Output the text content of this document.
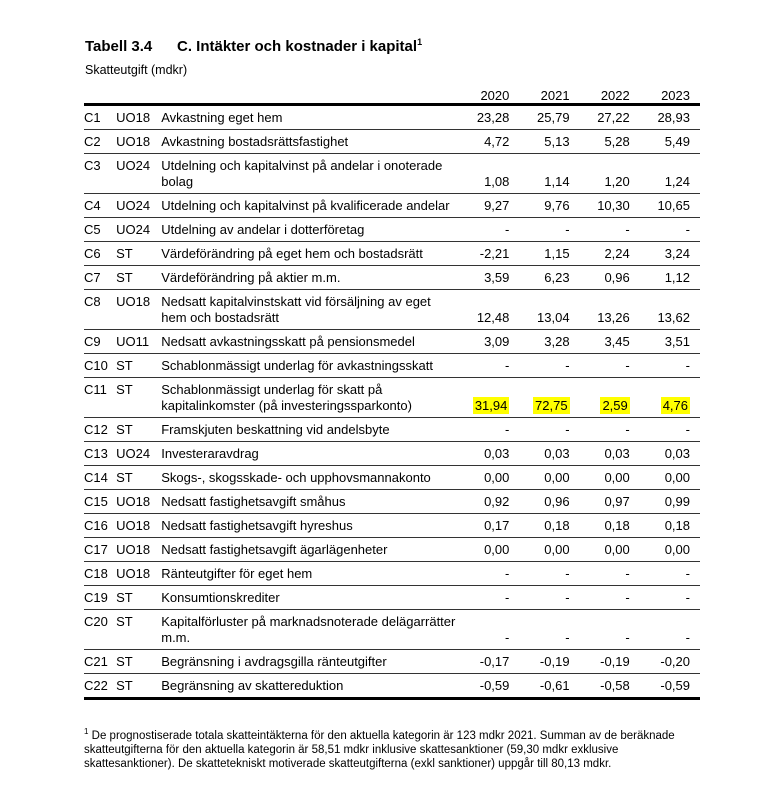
Tabell 3.4 C. Intäkter och kostnader i kapital$^1$
Skatteutgift (mdkr)
			2020	2021	2022	2023
C1	UO18	Avkastning eget hem	23,28	25,79	27,22	28,93
C2	UO18	Avkastning bostadsrättsfastighet	4,72	5,13	5,28	5,49
C3	UO24	Utdelning och kapitalvinst på andelar i onoterade bolag	1,08	1,14	1,20	1,24
C4	UO24	Utdelning och kapitalvinst på kvalificerade andelar	9,27	9,76	10,30	10,65
C5	UO24	Utdelning av andelar i dotterföretag	-	-	-	-
C6	ST	Värdeförändring på eget hem och bostadsrätt	-2,21	1,15	2,24	3,24
C7	ST	Värdeförändring på aktier m.m.	3,59	6,23	0,96	1,12
C8	UO18	Nedsatt kapitalvinstskatt vid försäljning av eget hem och bostadsrätt	12,48	13,04	13,26	13,62
C9	UO11	Nedsatt avkastningsskatt på pensionsmedel	3,09	3,28	3,45	3,51
C10	ST	Schablonmässigt underlag för avkastningsskatt	-	-	-	-
C11	ST	Schablonmässigt underlag för skatt på kapitalinkomster (på investeringssparkonto)	31,94	72,75	2,59	4,76
C12	ST	Framskjuten beskattning vid andelsbyte	-	-	-	-
C13	UO24	Investeraravdrag	0,03	0,03	0,03	0,03
C14	ST	Skogs-, skogsskade- och upphovsmannakonto	0,00	0,00	0,00	0,00
C15	UO18	Nedsatt fastighetsavgift småhus	0,92	0,96	0,97	0,99
C16	UO18	Nedsatt fastighetsavgift hyreshus	0,17	0,18	0,18	0,18
C17	UO18	Nedsatt fastighetsavgift ägarlägenheter	0,00	0,00	0,00	0,00
C18	UO18	Ränteutgifter för eget hem	-	-	-	-
C19	ST	Konsumtionskrediter	-	-	-	-
C20	ST	Kapitalförluster på marknadsnoterade delägarrätter m.m.	-	-	-	-
C21	ST	Begränsning i avdragsgilla ränteutgifter	-0,17	-0,19	-0,19	-0,20
C22	ST	Begränsning av skattereduktion	-0,59	-0,61	-0,58	-0,59
$^1$ De prognostiserade totala skatteintäkterna för den aktuella kategorin är 123 mdkr 2021. Summan av de beräknade skatteutgifterna för den aktuella kategorin är 58,51 mdkr inklusive skattesanktioner (59,30 mdkr exklusive skattesanktioner). De skattetekniskt motiverade skatteutgifterna (exkl sanktioner) uppgår till 80,13 mdkr.
